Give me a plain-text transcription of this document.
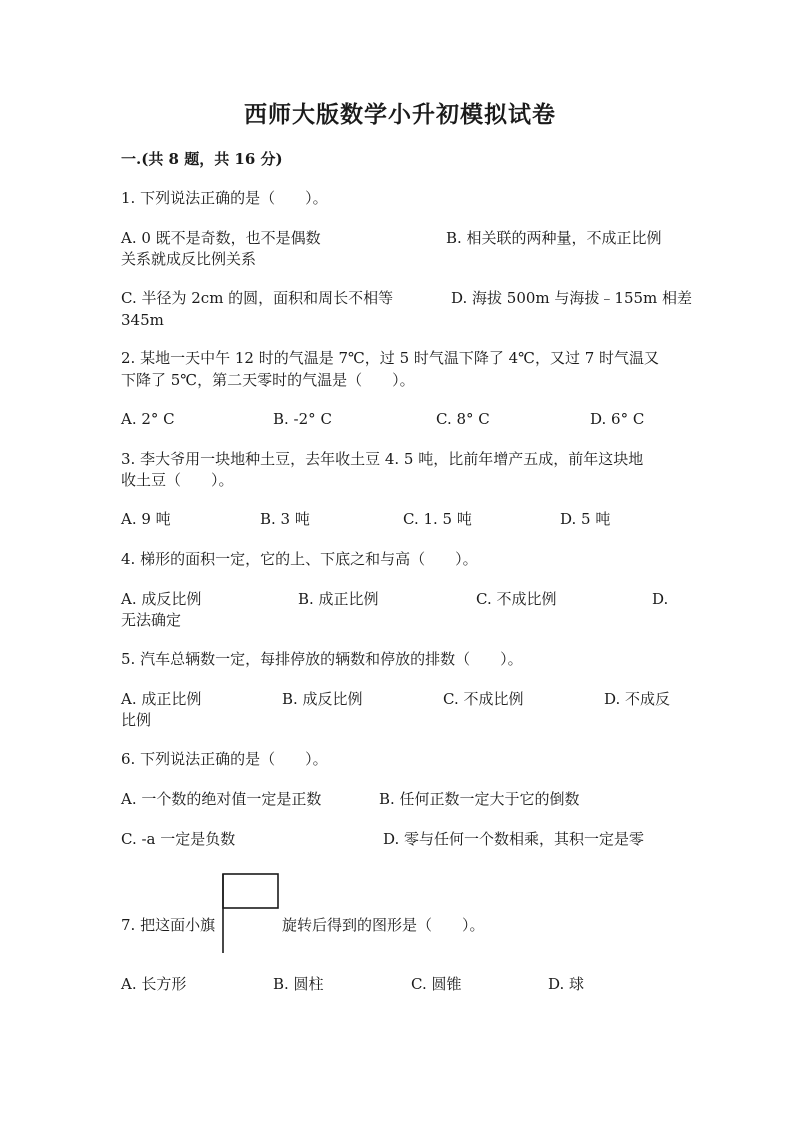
西师大版数学小升初模拟试卷
一.(共 8 题，共 16 分)
1. 下列说法正确的是（　　）。
A. 0 既不是奇数，也不是偶数	B. 相关联的两种量，不成正比例
关系就成反比例关系
C. 半径为 2cm 的圆，面积和周长不相等	D. 海拔 500m 与海拔﹣155m 相差
345m
2. 某地一天中午 12 时的气温是 7℃，过 5 时气温下降了 4℃，又过 7 时气温又
下降了 5℃，第二天零时的气温是（　　）。
A. 2° C	B. -2° C	C. 8° C	D. 6° C
3. 李大爷用一块地种土豆，去年收土豆 4. 5 吨，比前年增产五成，前年这块地
收土豆（　　）。
A. 9 吨	B. 3 吨	C. 1. 5 吨	D. 5 吨
4. 梯形的面积一定，它的上、下底之和与高（　　）。
A. 成反比例	B. 成正比例	C. 不成比例	D.
无法确定
5. 汽车总辆数一定，每排停放的辆数和停放的排数（　　）。
A. 成正比例	B. 成反比例	C. 不成比例	D. 不成反
比例
6. 下列说法正确的是（　　）。
A. 一个数的绝对值一定是正数	B. 任何正数一定大于它的倒数
C. -a 一定是负数	D. 零与任何一个数相乘，其积一定是零
7. 把这面小旗	旋转后得到的图形是（　　）。
A. 长方形	B. 圆柱	C. 圆锥	D. 球
